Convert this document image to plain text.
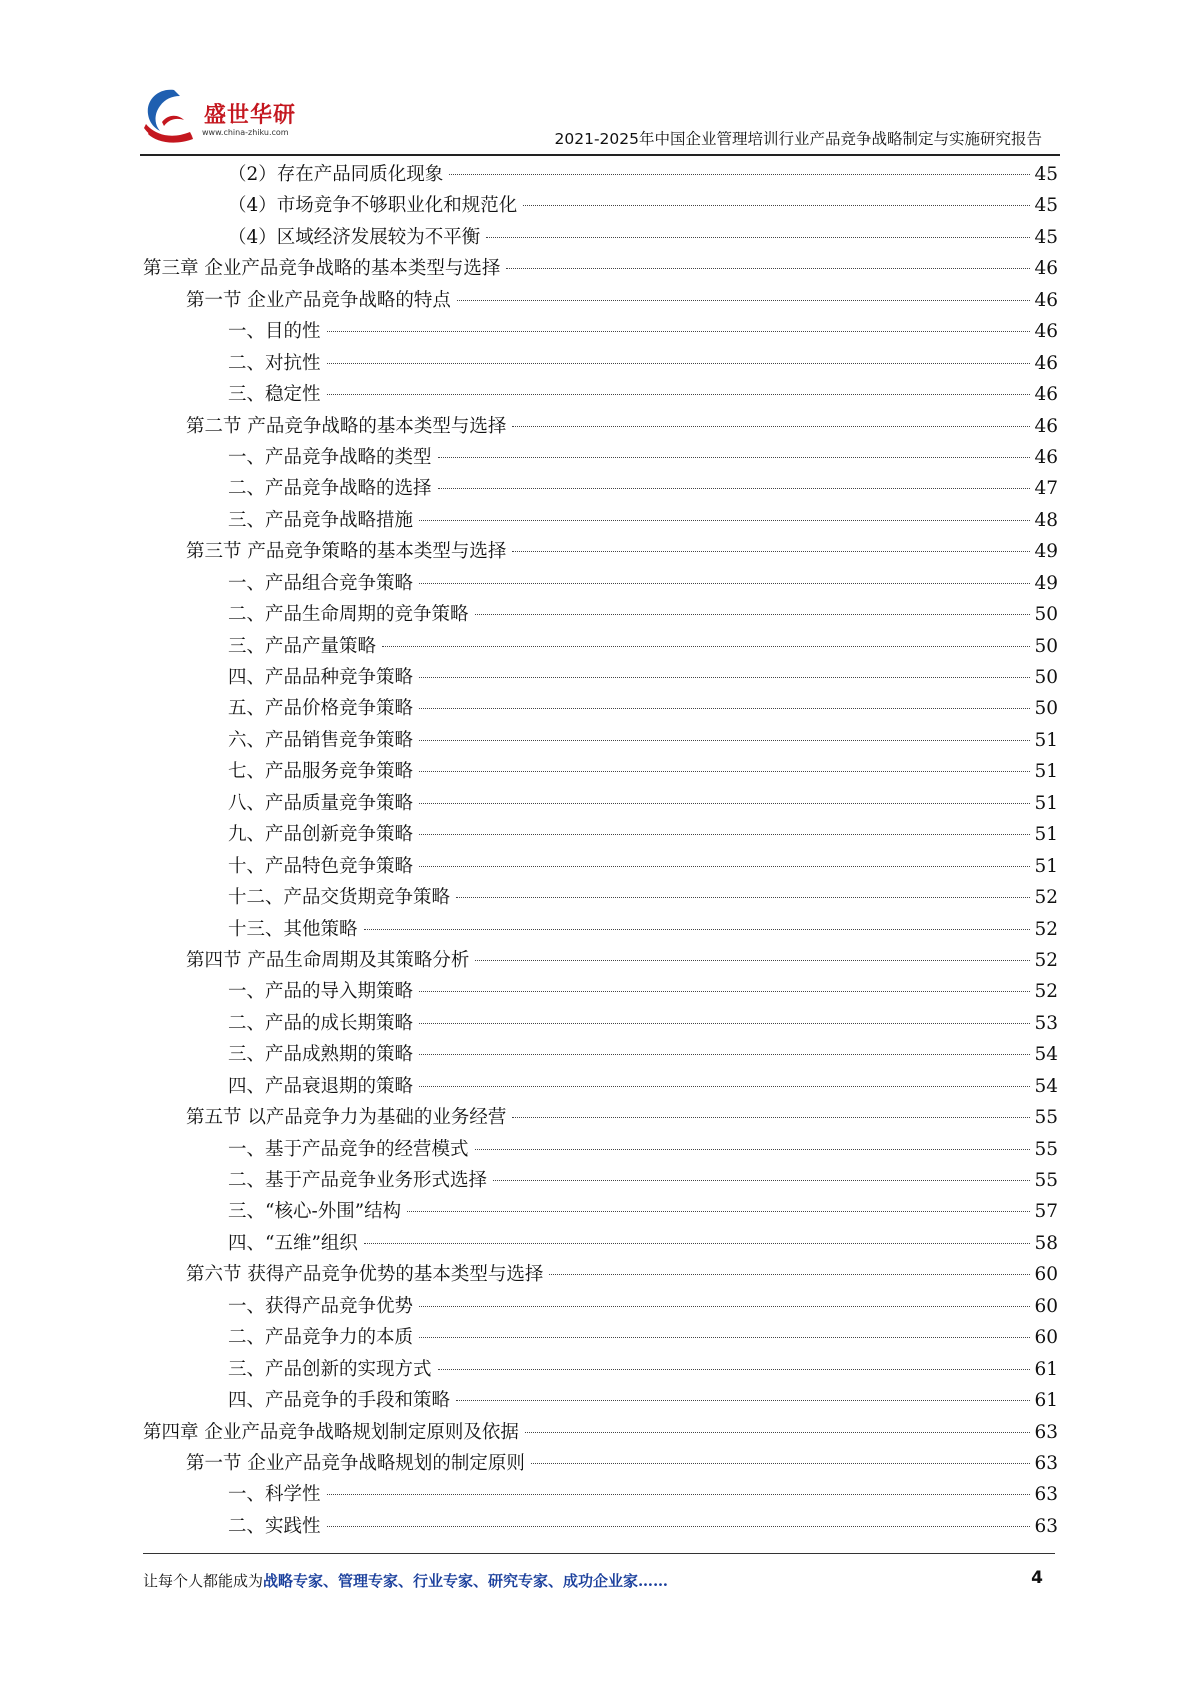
盛世华研
www.china-zhiku.com	2021-2025年中国企业管理培训行业产品竞争战略制定与实施研究报告
（2）存在产品同质化现象	45
（4）市场竞争不够职业化和规范化	45
（4）区域经济发展较为不平衡	45
第三章 企业产品竞争战略的基本类型与选择	46
第一节 企业产品竞争战略的特点	46
一、目的性	46
二、对抗性	46
三、稳定性	46
第二节 产品竞争战略的基本类型与选择	46
一、产品竞争战略的类型	46
二、产品竞争战略的选择	47
三、产品竞争战略措施	48
第三节 产品竞争策略的基本类型与选择	49
一、产品组合竞争策略	49
二、产品生命周期的竞争策略	50
三、产品产量策略	50
四、产品品种竞争策略	50
五、产品价格竞争策略	50
六、产品销售竞争策略	51
七、产品服务竞争策略	51
八、产品质量竞争策略	51
九、产品创新竞争策略	51
十、产品特色竞争策略	51
十二、产品交货期竞争策略	52
十三、其他策略	52
第四节 产品生命周期及其策略分析	52
一、产品的导入期策略	52
二、产品的成长期策略	53
三、产品成熟期的策略	54
四、产品衰退期的策略	54
第五节 以产品竞争力为基础的业务经营	55
一、基于产品竞争的经营模式	55
二、基于产品竞争业务形式选择	55
三、“核心-外围”结构	57
四、“五维”组织	58
第六节 获得产品竞争优势的基本类型与选择	60
一、获得产品竞争优势	60
二、产品竞争力的本质	60
三、产品创新的实现方式	61
四、产品竞争的手段和策略	61
第四章 企业产品竞争战略规划制定原则及依据	63
第一节 企业产品竞争战略规划的制定原则	63
一、科学性	63
二、实践性	63
让每个人都能成为战略专家、管理专家、行业专家、研究专家、成功企业家……	4
